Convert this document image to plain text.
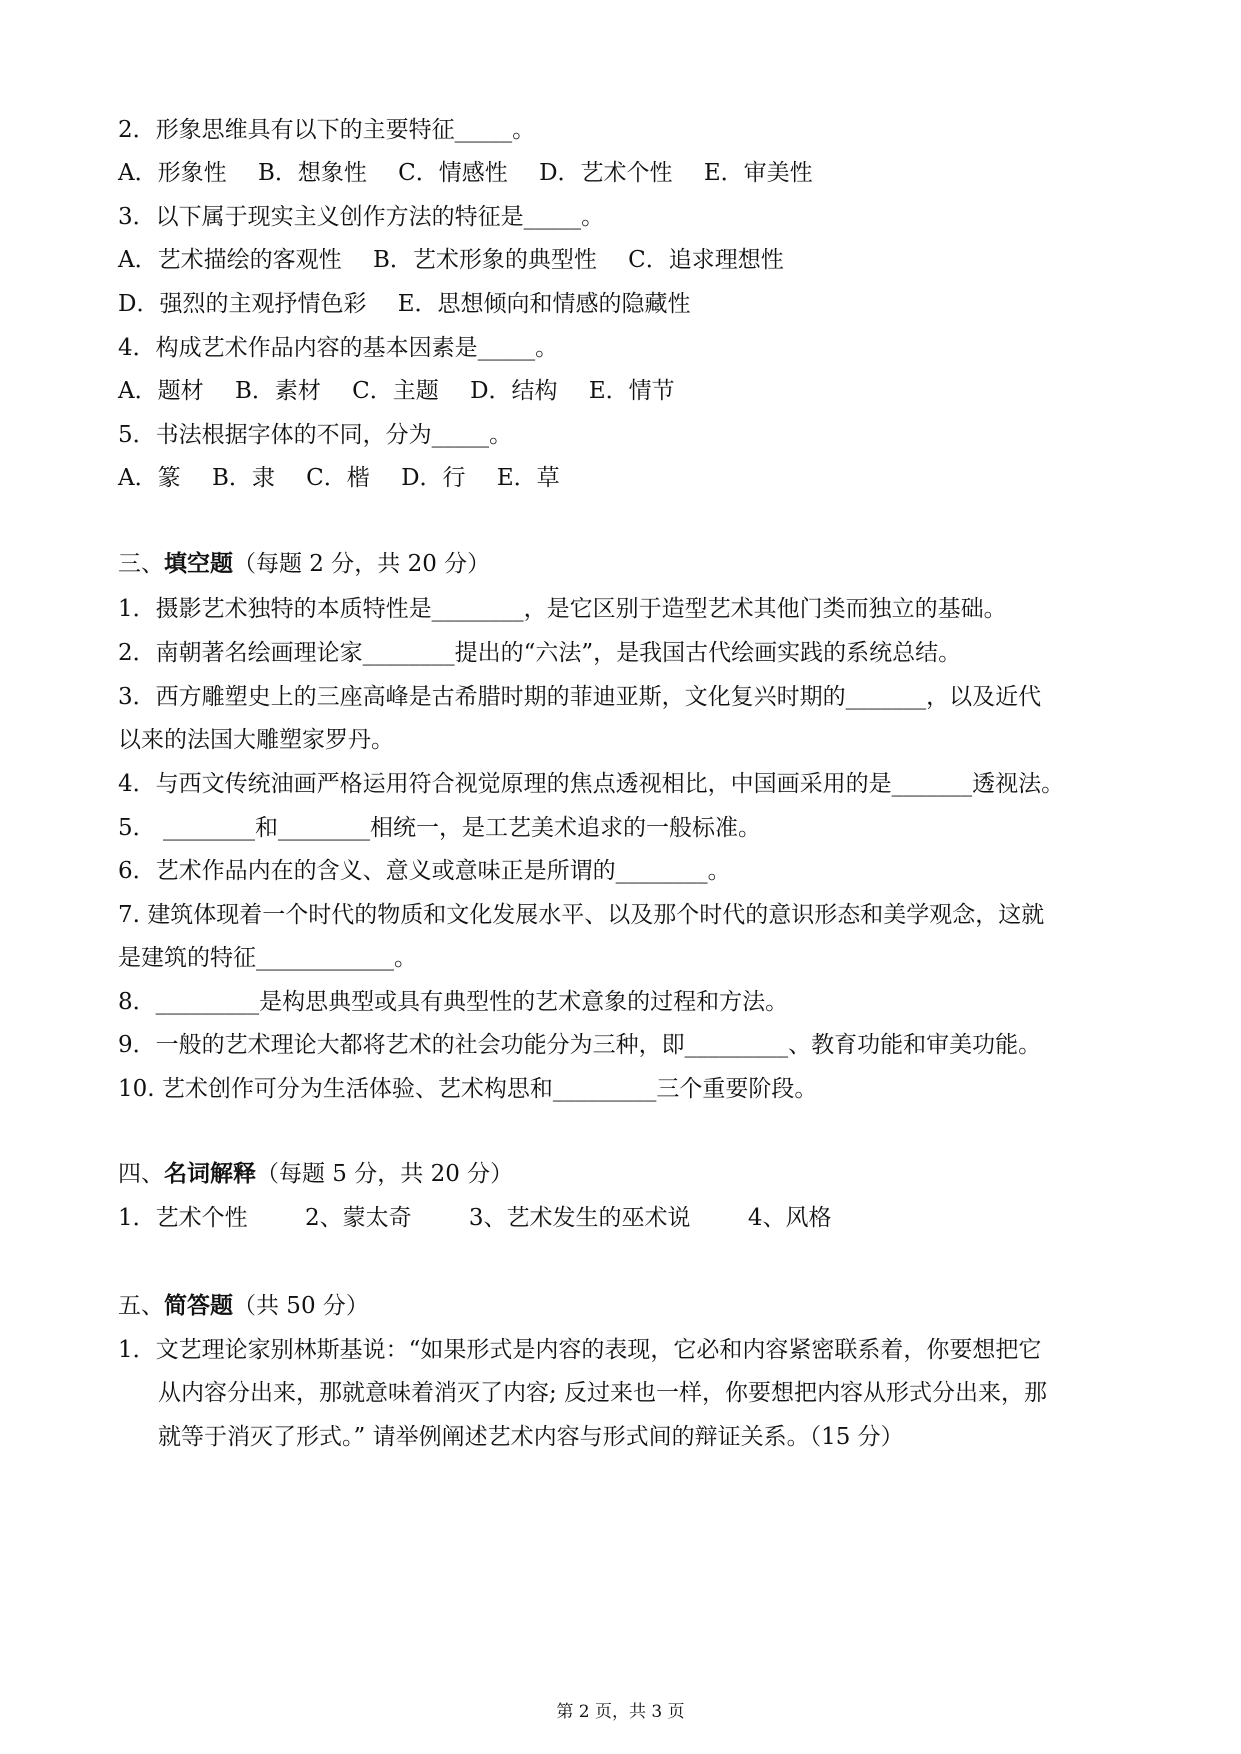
2．形象思维具有以下的主要特征_____。
A．形象性 B．想象性 C．情感性 D．艺术个性 E．审美性
3．以下属于现实主义创作方法的特征是_____。
A．艺术描绘的客观性 B．艺术形象的典型性 C．追求理想性
D．强烈的主观抒情色彩 E．思想倾向和情感的隐藏性
4．构成艺术作品内容的基本因素是_____。
A．题材 B．素材 C．主题 D．结构 E．情节
5．书法根据字体的不同，分为_____。
A．篆 B．隶 C．楷 D．行 E．草
三、填空题（每题 2 分，共 20 分）
1．摄影艺术独特的本质特性是________，是它区别于造型艺术其他门类而独立的基础。
2．南朝著名绘画理论家________提出的“六法”，是我国古代绘画实践的系统总结。
3．西方雕塑史上的三座高峰是古希腊时期的菲迪亚斯，文化复兴时期的_______，以及近代
以来的法国大雕塑家罗丹。
4．与西文传统油画严格运用符合视觉原理的焦点透视相比，中国画采用的是_______透视法。
5． ________和________相统一，是工艺美术追求的一般标准。
6．艺术作品内在的含义、意义或意味正是所谓的________。
7. 建筑体现着一个时代的物质和文化发展水平、以及那个时代的意识形态和美学观念，这就
是建筑的特征____________。
8．_________是构思典型或具有典型性的艺术意象的过程和方法。
9．一般的艺术理论大都将艺术的社会功能分为三种，即_________、教育功能和审美功能。
10. 艺术创作可分为生活体验、艺术构思和_________三个重要阶段。
四、名词解释（每题 5 分，共 20 分）
1．艺术个性 2、蒙太奇 3、艺术发生的巫术说 4、风格
五、简答题（共 50 分）
1．文艺理论家别林斯基说：“如果形式是内容的表现，它必和内容紧密联系着，你要想把它
从内容分出来，那就意味着消灭了内容; 反过来也一样，你要想把内容从形式分出来，那
就等于消灭了形式。” 请举例阐述艺术内容与形式间的辩证关系。（15 分）
第 2 页，共 3 页
